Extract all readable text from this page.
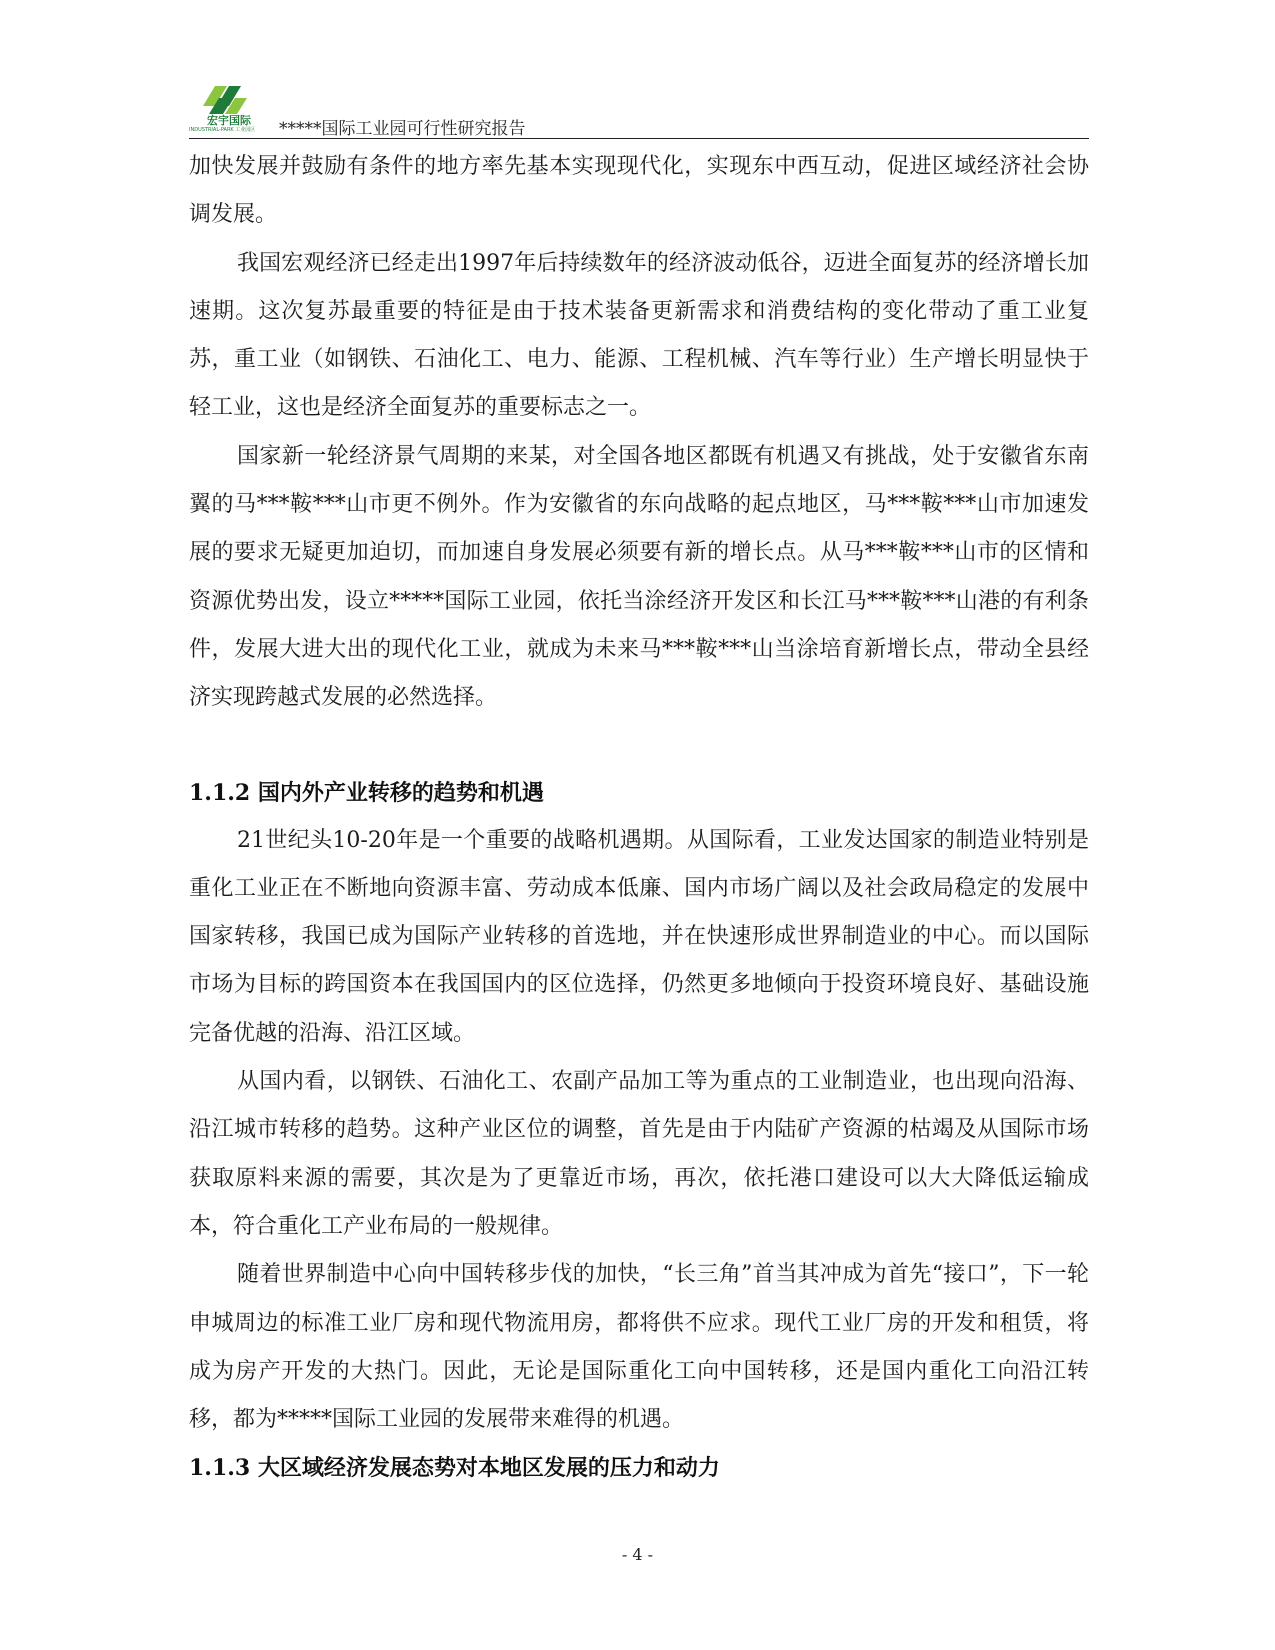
宏宇国际
INDUSTRIAL-PARK 工业园区 *****国际工业园可行性研究报告

加快发展并鼓励有条件的地方率先基本实现现代化，实现东中西互动，促进区域经济社会协调发展。

我国宏观经济已经走出1997年后持续数年的经济波动低谷，迈进全面复苏的经济增长加速期。这次复苏最重要的特征是由于技术装备更新需求和消费结构的变化带动了重工业复苏，重工业（如钢铁、石油化工、电力、能源、工程机械、汽车等行业）生产增长明显快于轻工业，这也是经济全面复苏的重要标志之一。

国家新一轮经济景气周期的来某，对全国各地区都既有机遇又有挑战，处于安徽省东南翼的马***鞍***山市更不例外。作为安徽省的东向战略的起点地区，马***鞍***山市加速发展的要求无疑更加迫切，而加速自身发展必须要有新的增长点。从马***鞍***山市的区情和资源优势出发，设立*****国际工业园，依托当涂经济开发区和长江马***鞍***山港的有利条件，发展大进大出的现代化工业，就成为未来马***鞍***山当涂培育新增长点，带动全县经济实现跨越式发展的必然选择。

1.1.2 国内外产业转移的趋势和机遇

21世纪头10-20年是一个重要的战略机遇期。从国际看，工业发达国家的制造业特别是重化工业正在不断地向资源丰富、劳动成本低廉、国内市场广阔以及社会政局稳定的发展中国家转移，我国已成为国际产业转移的首选地，并在快速形成世界制造业的中心。而以国际市场为目标的跨国资本在我国国内的区位选择，仍然更多地倾向于投资环境良好、基础设施完备优越的沿海、沿江区域。

从国内看，以钢铁、石油化工、农副产品加工等为重点的工业制造业，也出现向沿海、沿江城市转移的趋势。这种产业区位的调整，首先是由于内陆矿产资源的枯竭及从国际市场获取原料来源的需要，其次是为了更靠近市场，再次，依托港口建设可以大大降低运输成本，符合重化工产业布局的一般规律。

随着世界制造中心向中国转移步伐的加快，“长三角”首当其冲成为首先“接口”，下一轮申城周边的标准工业厂房和现代物流用房，都将供不应求。现代工业厂房的开发和租赁，将成为房产开发的大热门。因此，无论是国际重化工向中国转移，还是国内重化工向沿江转移，都为*****国际工业园的发展带来难得的机遇。

1.1.3 大区域经济发展态势对本地区发展的压力和动力
- 4 -
